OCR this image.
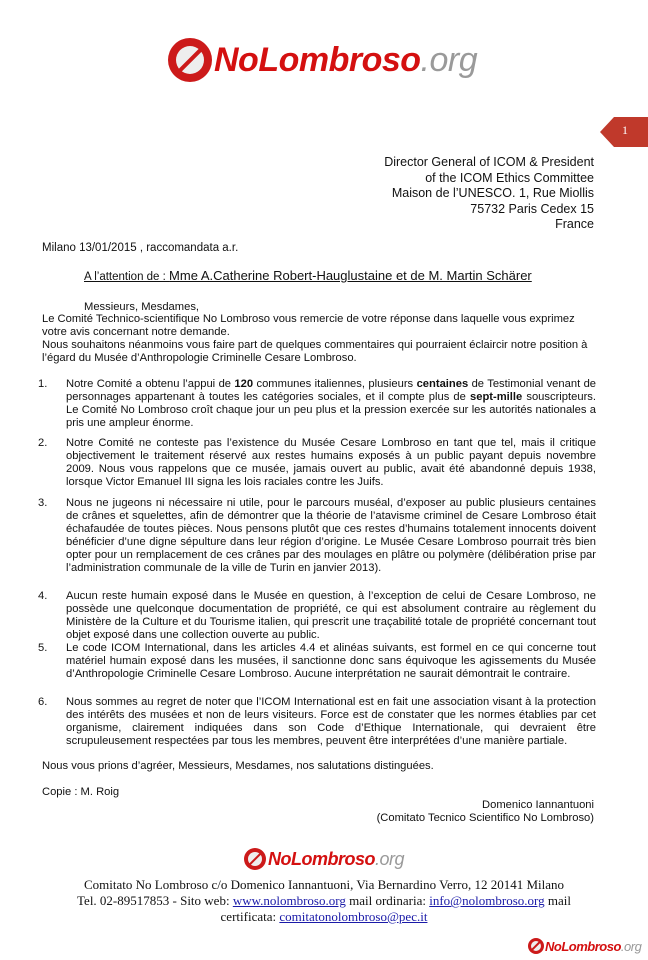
NoLombroso.org
1
Director General of ICOM & President
of the ICOM Ethics Committee
Maison de l’UNESCO. 1, Rue Miollis
75732 Paris Cedex 15
France
Milano 13/01/2015 , raccomandata a.r.
A l’attention de : Mme A.Catherine Robert-Hauglustaine et de M. Martin Schärer
Messieurs, Mesdames,

Le Comité Technico-scientifique No Lombroso vous remercie de votre réponse dans laquelle vous exprimez votre avis concernant notre demande.

Nous souhaitons néanmoins vous faire part de quelques commentaires qui pourraient éclaircir notre position à l’égard du Musée d’Anthropologie Criminelle Cesare Lombroso.

1. Notre Comité a obtenu l’appui de 120 communes italiennes, plusieurs centaines de Testimonial venant de personnages appartenant à toutes les catégories sociales, et il compte plus de sept-mille souscripteurs. Le Comité No Lombroso croît chaque jour un peu plus et la pression exercée sur les autorités nationales a pris une ampleur énorme.
2. Notre Comité ne conteste pas l’existence du Musée Cesare Lombroso en tant que tel, mais il critique objectivement le traitement réservé aux restes humains exposés à un public payant depuis novembre 2009. Nous vous rappelons que ce musée, jamais ouvert au public, avait été abandonné depuis 1938, lorsque Victor Emanuel III signa les lois raciales contre les Juifs.
3. Nous ne jugeons ni nécessaire ni utile, pour le parcours muséal, d’exposer au public plusieurs centaines de crânes et squelettes, afin de démontrer que la théorie de l’atavisme criminel de Cesare Lombroso était échafaudée de toutes pièces. Nous pensons plutôt que ces restes d’humains totalement innocents doivent bénéficier d’une digne sépulture dans leur région d’origine. Le Musée Cesare Lombroso pourrait très bien opter pour un remplacement de ces crânes par des moulages en plâtre ou polymère (délibération prise par l’administration communale de la ville de Turin en janvier 2013).
4. Aucun reste humain exposé dans le Musée en question, à l’exception de celui de Cesare Lombroso, ne possède une quelconque documentation de propriété, ce qui est absolument contraire au règlement du Ministère de la Culture et du Tourisme italien, qui prescrit une traçabilité totale de propriété concernant tout objet exposé dans une collection ouverte au public.
5. Le code ICOM International, dans les articles 4.4 et alinéas suivants, est formel en ce qui concerne tout matériel humain exposé dans les musées, il sanctionne donc sans équivoque les agissements du Musée d’Anthropologie Criminelle Cesare Lombroso. Aucune interprétation ne saurait démontrait le contraire.
6. Nous sommes au regret de noter que l’ICOM International est en fait une association visant à la protection des intérêts des musées et non de leurs visiteurs. Force est de constater que les normes établies par cet organisme, clairement indiquées dans son Code d’Ethique Internationale, qui devraient être scrupuleusement respectées par tous les membres, peuvent être interprétées d’une manière partiale.
Nous vous prions d’agréer, Messieurs, Mesdames, nos salutations distinguées.
Copie : M. Roig
Domenico Iannantuoni
(Comitato Tecnico Scientifico No Lombroso)
NoLombroso.org
Comitato No Lombroso c/o Domenico Iannantuoni, Via Bernardino Verro, 12 20141 Milano
Tel. 02-89517853 - Sito web: www.nolombroso.org mail ordinaria: info@nolombroso.org mail
certificata: comitatonolombroso@pec.it
NoLombroso.org
